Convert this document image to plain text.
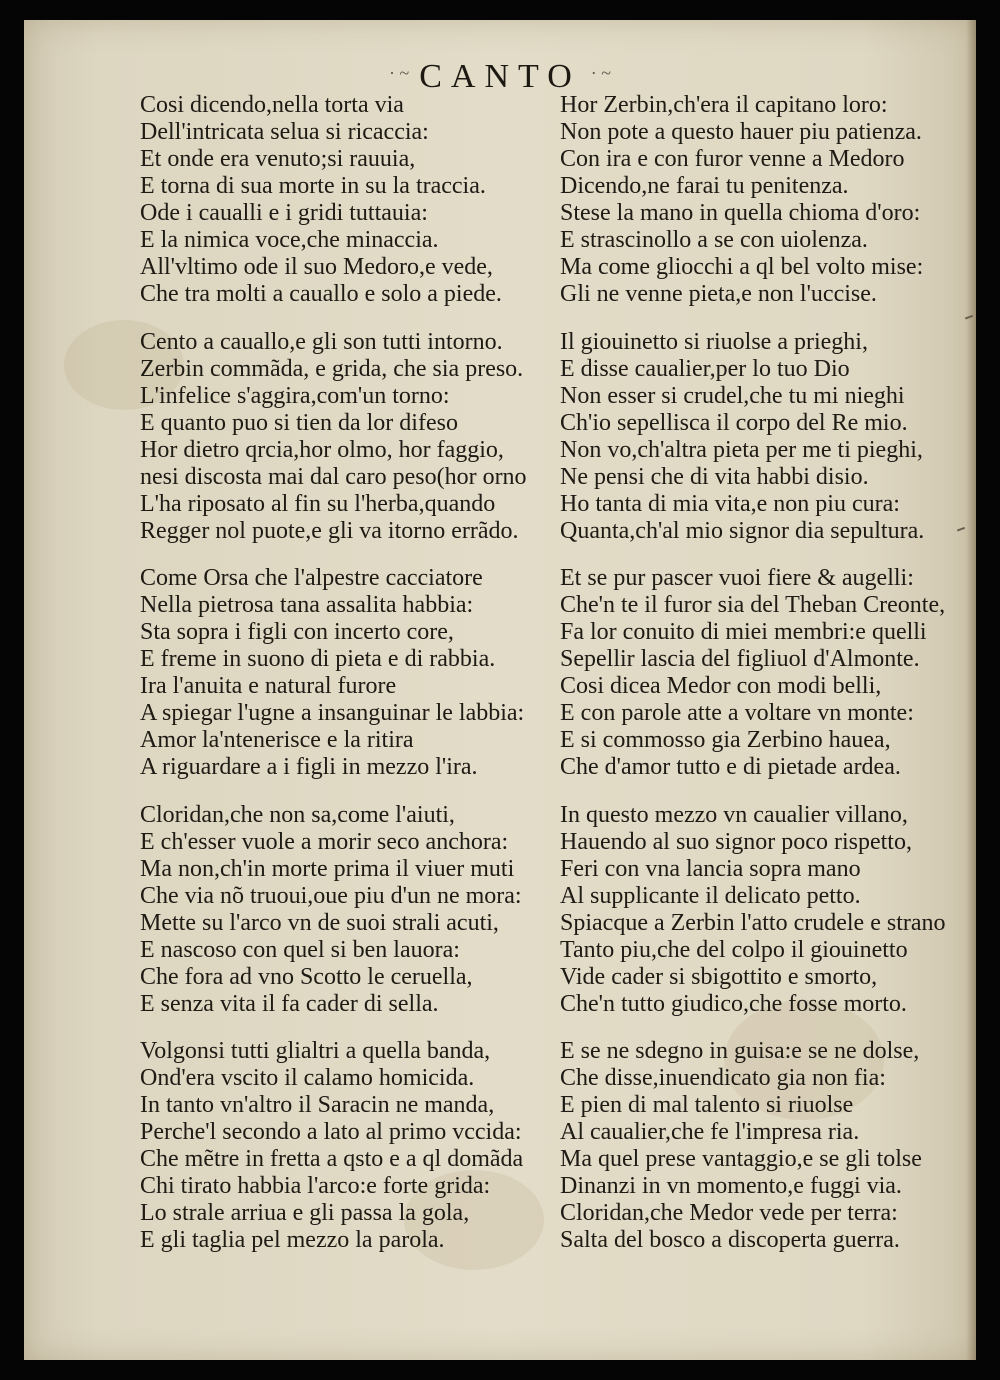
· ~ CANTO · ~
Cosi dicendo,nella torta via
Dell'intricata selua si ricaccia:
Et onde era venuto;si rauuia,
E torna di sua morte in su la traccia.
Ode i caualli e i gridi tuttauia:
E la nimica voce,che minaccia.
All'vltimo ode il suo Medoro,e vede,
Che tra molti a cauallo e solo a piede.
Cento a cauallo,e gli son tutti intorno.
Zerbin commãda, e grida, che sia preso.
L'infelice s'aggira,com'un torno:
E quanto puo si tien da lor difeso
Hor dietro qrcia,hor olmo, hor faggio,
nesi discosta mai dal caro peso(hor orno
L'ha riposato al fin su l'herba,quando
Regger nol puote,e gli va itorno errãdo.
Come Orsa che l'alpestre cacciatore
Nella pietrosa tana assalita habbia:
Sta sopra i figli con incerto core,
E freme in suono di pieta e di rabbia.
Ira l'anuita e natural furore
A spiegar l'ugne a insanguinar le labbia:
Amor la'ntenerisce e la ritira
A riguardare a i figli in mezzo l'ira.
Cloridan,che non sa,come l'aiuti,
E ch'esser vuole a morir seco anchora:
Ma non,ch'in morte prima il viuer muti
Che via nõ truoui,oue piu d'un ne mora:
Mette su l'arco vn de suoi strali acuti,
E nascoso con quel si ben lauora:
Che fora ad vno Scotto le ceruella,
E senza vita il fa cader di sella.
Volgonsi tutti glialtri a quella banda,
Ond'era vscito il calamo homicida.
In tanto vn'altro il Saracin ne manda,
Perche'l secondo a lato al primo vccida:
Che mẽtre in fretta a qsto e a ql domãda
Chi tirato habbia l'arco:e forte grida:
Lo strale arriua e gli passa la gola,
E gli taglia pel mezzo la parola.
Hor Zerbin,ch'era il capitano loro:
Non pote a questo hauer piu patienza.
Con ira e con furor venne a Medoro
Dicendo,ne farai tu penitenza.
Stese la mano in quella chioma d'oro:
E strascinollo a se con uiolenza.
Ma come gliocchi a ql bel volto mise:
Gli ne venne pieta,e non l'uccise.
Il giouinetto si riuolse a prieghi,
E disse caualier,per lo tuo Dio
Non esser si crudel,che tu mi nieghi
Ch'io sepellisca il corpo del Re mio.
Non vo,ch'altra pieta per me ti pieghi,
Ne pensi che di vita habbi disio.
Ho tanta di mia vita,e non piu cura:
Quanta,ch'al mio signor dia sepultura.
Et se pur pascer vuoi fiere & augelli:
Che'n te il furor sia del Theban Creonte,
Fa lor conuito di miei membri:e quelli
Sepellir lascia del figliuol d'Almonte.
Cosi dicea Medor con modi belli,
E con parole atte a voltare vn monte:
E si commosso gia Zerbino hauea,
Che d'amor tutto e di pietade ardea.
In questo mezzo vn caualier villano,
Hauendo al suo signor poco rispetto,
Feri con vna lancia sopra mano
Al supplicante il delicato petto.
Spiacque a Zerbin l'atto crudele e strano
Tanto piu,che del colpo il giouinetto
Vide cader si sbigottito e smorto,
Che'n tutto giudico,che fosse morto.
E se ne sdegno in guisa:e se ne dolse,
Che disse,inuendicato gia non fia:
E pien di mal talento si riuolse
Al caualier,che fe l'impresa ria.
Ma quel prese vantaggio,e se gli tolse
Dinanzi in vn momento,e fuggi via.
Cloridan,che Medor vede per terra:
Salta del bosco a discoperta guerra.
